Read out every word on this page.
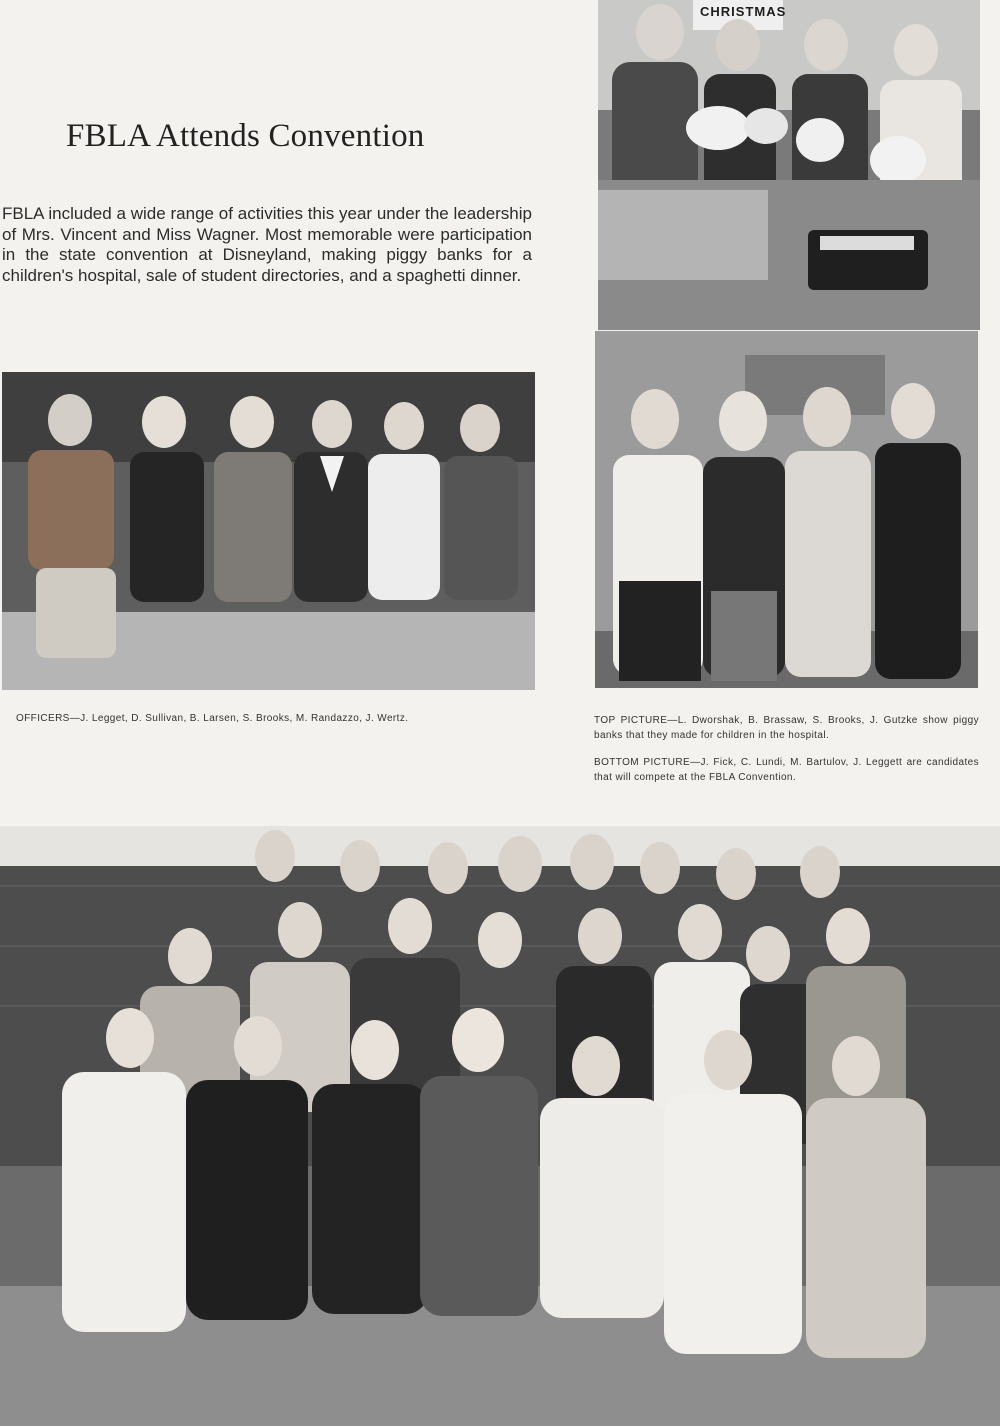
FBLA Attends Convention

FBLA included a wide range of activities this year under the leadership of Mrs. Vincent and Miss Wagner. Most memorable were participation in the state convention at Disneyland, making piggy banks for a children's hospital, sale of student directories, and a spaghetti dinner.

CHRISTMAS

OFFICERS—J. Legget, D. Sullivan, B. Larsen, S. Brooks, M. Randazzo, J. Wertz.	TOP PICTURE—L. Dworshak, B. Brassaw, S. Brooks, J. Gutzke show piggy banks that they made for children in the hospital.

BOTTOM PICTURE—J. Fick, C. Lundi, M. Bartulov, J. Leggett are candidates that will compete at the FBLA Convention.
